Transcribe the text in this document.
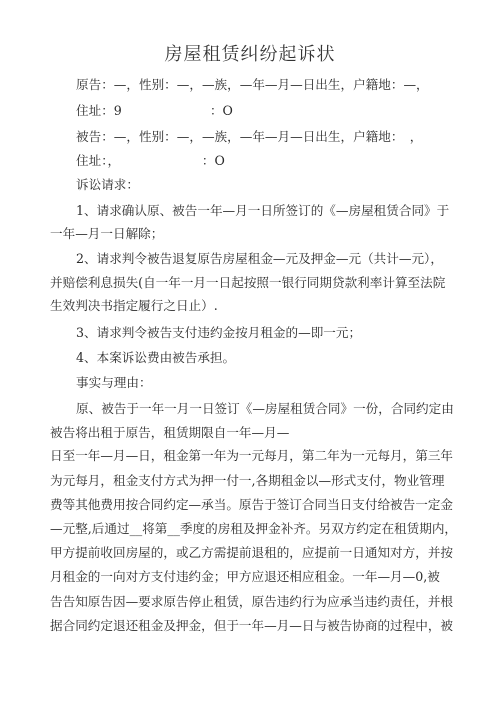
房屋租赁纠纷起诉状
原告：—，性别：—，—族，—年—月—日出生，户籍地：—，
住址：9　　　　　　　：O
被告：—，性别：—，—族，—年—月—日出生，户籍地：　，
住址：，　　　　　　　：O
诉讼请求：
1、请求确认原、被告一年—月一日所签订的《—房屋租赁合同》于
一年—月一日解除；
2、请求判令被告退复原告房屋租金—元及押金—元（共计—元），
并赔偿利息损失(自一年一月一日起按照一银行同期贷款利率计算至法院
生效判决书指定履行之日止）.
3、请求判令被告支付违约金按月租金的—即一元；
4、本案诉讼费由被告承担。
事实与理由：
原、被告于一年一月一日签订《—房屋租赁合同》一份，合同约定由
被告将出租于原告，租赁期限自一年—月—
日至一年—月—日，租金第一年为一元每月，第二年为一元每月，第三年
为元每月，租金支付方式为押一付一,各期租金以—形式支付，物业管理
费等其他费用按合同约定—承当。原告于签订合同当日支付给被告一定金
—元整,后通过__将第__季度的房租及押金补齐。另双方约定在租赁期内，
甲方提前收回房屋的，或乙方需提前退租的，应提前一日通知对方，并按
月租金的一向对方支付违约金；甲方应退还相应租金。一年—月—0,被
告告知原告因—要求原告停止租赁，原告违约行为应承当违约责任，并根
据合同约定退还租金及押金，但于一年—月—日与被告协商的过程中，被
